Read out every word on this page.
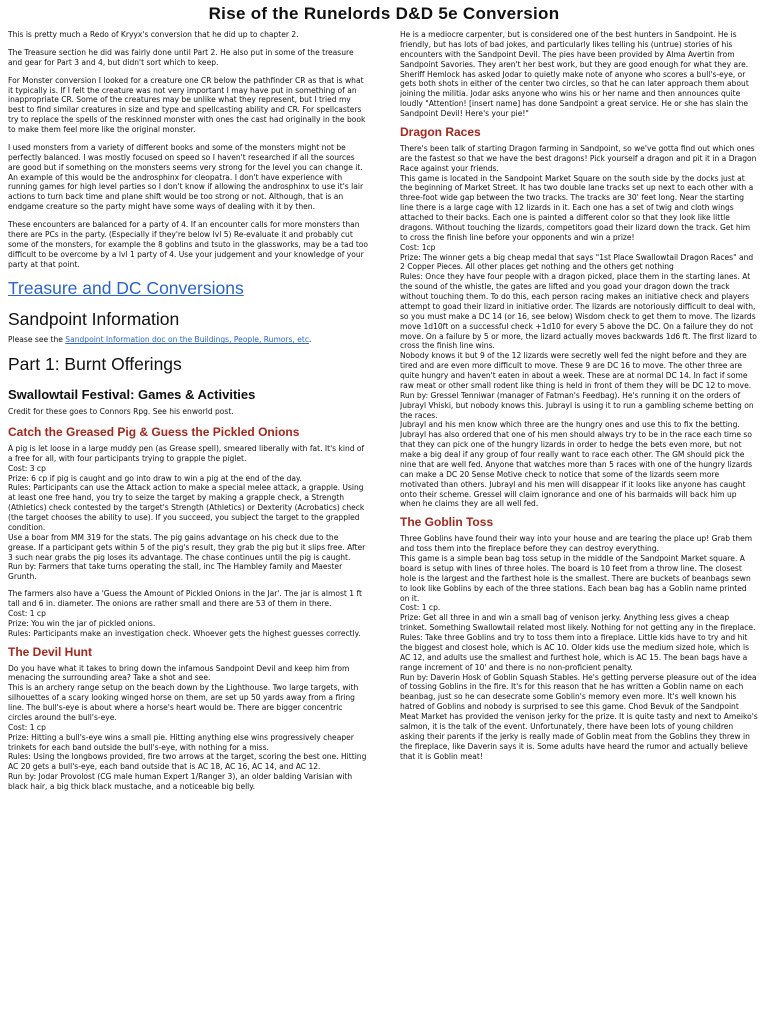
Rise of the Runelords D&D 5e Conversion

This is pretty much a Redo of Kryyx's conversion that he did up to chapter 2.

The Treasure section he did was fairly done until Part 2. He also put in some of the treasure and gear for Part 3 and 4, but didn't sort which to keep.

For Monster conversion I looked for a creature one CR below the pathfinder CR as that is what it typically is. If I felt the creature was not very important I may have put in something of an inappropriate CR. Some of the creatures may be unlike what they represent, but I tried my best to find similar creatures in size and type and spellcasting ability and CR. For spellcasters try to replace the spells of the reskinned monster with ones the cast had originally in the book to make them feel more like the original monster.

I used monsters from a variety of different books and some of the monsters might not be perfectly balanced. I was mostly focused on speed so I haven't researched if all the sources are good but if something on the monsters seems very strong for the level you can change it. An example of this would be the androsphinx for cleopatra. I don't have experience with running games for high level parties so I don't know if allowing the androsphinx to use it's lair actions to turn back time and plane shift would be too strong or not. Although, that is an endgame creature so the party might have some ways of dealing with it by then.

These encounters are balanced for a party of 4. If an encounter calls for more monsters than there are PCs in the party. (Especially if they're below lvl 5) Re-evaluate it and probably cut some of the monsters, for example the 8 goblins and tsuto in the glassworks, may be a tad too difficult to be overcome by a lvl 1 party of 4. Use your judgement and your knowledge of your party at that point.

Treasure and DC Conversions
Sandpoint Information

Please see the Sandpoint Information doc on the Buildings, People, Rumors, etc.

Part 1: Burnt Offerings
Swallowtail Festival: Games & Activities

Credit for these goes to Connors Rpg. See his enworld post.

Catch the Greased Pig & Guess the Pickled Onions

A pig is let loose in a large muddy pen (as Grease spell), smeared liberally with fat. It's kind of a free for all, with four participants trying to grapple the piglet.

Cost: 3 cp

Prize: 6 cp if pig is caught and go into draw to win a pig at the end of the day.

Rules: Participants can use the Attack action to make a special melee attack, a grapple. Using at least one free hand, you try to seize the target by making a grapple check, a Strength (Athletics) check contested by the target's Strength (Athletics) or Dexterity (Acrobatics) check (the target chooses the ability to use). If you succeed, you subject the target to the grappled condition.

Use a boar from MM 319 for the stats. The pig gains advantage on his check due to the grease. If a participant gets within 5 of the pig's result, they grab the pig but it slips free. After 3 such near grabs the pig loses its advantage. The chase continues until the pig is caught.

Run by: Farmers that take turns operating the stall, inc The Hambley family and Maester Grunth.

The farmers also have a 'Guess the Amount of Pickled Onions in the Jar'. The jar is almost 1 ft tall and 6 in. diameter. The onions are rather small and there are 53 of them in there.

Cost: 1 cp

Prize: You win the jar of pickled onions.

Rules: Participants make an investigation check. Whoever gets the highest guesses correctly.

The Devil Hunt

Do you have what it takes to bring down the infamous Sandpoint Devil and keep him from menacing the surrounding area? Take a shot and see.

This is an archery range setup on the beach down by the Lighthouse. Two large targets, with silhouettes of a scary looking winged horse on them, are set up 50 yards away from a firing line. The bull's-eye is about where a horse's heart would be. There are bigger concentric circles around the bull's-eye.

Cost: 1 cp

Prize: Hitting a bull's-eye wins a small pie. Hitting anything else wins progressively cheaper trinkets for each band outside the bull's-eye, with nothing for a miss.

Rules: Using the longbows provided, fire two arrows at the target, scoring the best one. Hitting AC 20 gets a bull's-eye, each band outside that is AC 18, AC 16, AC 14, and AC 12.

Run by: Jodar Provolost (CG male human Expert 1/Ranger 3), an older balding Varisian with black hair, a big thick black mustache, and a noticeable big belly.

He is a mediocre carpenter, but is considered one of the best hunters in Sandpoint. He is friendly, but has lots of bad jokes, and particularly likes telling his (untrue) stories of his encounters with the Sandpoint Devil. The pies have been provided by Alma Avertin from Sandpoint Savories. They aren't her best work, but they are good enough for what they are.

Sheriff Hemlock has asked Jodar to quietly make note of anyone who scores a bull's-eye, or gets both shots in either of the center two circles, so that he can later approach them about joining the militia. Jodar asks anyone who wins his or her name and then announces quite loudly "Attention! [insert name] has done Sandpoint a great service. He or she has slain the Sandpoint Devil! Here's your pie!"

Dragon Races

There's been talk of starting Dragon farming in Sandpoint, so we've gotta find out which ones are the fastest so that we have the best dragons! Pick yourself a dragon and pit it in a Dragon Race against your friends.

This game is located in the Sandpoint Market Square on the south side by the docks just at the beginning of Market Street. It has two double lane tracks set up next to each other with a three-foot wide gap between the two tracks. The tracks are 30' feet long. Near the starting line there is a large cage with 12 lizards in it. Each one has a set of twig and cloth wings attached to their backs. Each one is painted a different color so that they look like little dragons. Without touching the lizards, competitors goad their lizard down the track. Get him to cross the finish line before your opponents and win a prize!

Cost: 1cp

Prize: The winner gets a big cheap medal that says "1st Place Swallowtail Dragon Races" and 2 Copper Pieces. All other places get nothing and the others get nothing

Rules: Once they have four people with a dragon picked, place them in the starting lanes. At the sound of the whistle, the gates are lifted and you goad your dragon down the track without touching them. To do this, each person racing makes an initiative check and players attempt to goad their lizard in initiative order. The lizards are notoriously difficult to deal with, so you must make a DC 14 (or 16, see below) Wisdom check to get them to move. The lizards move 1d10ft on a successful check +1d10 for every 5 above the DC. On a failure they do not move. On a failure by 5 or more, the lizard actually moves backwards 1d6 ft. The first lizard to cross the finish line wins.

Nobody knows it but 9 of the 12 lizards were secretly well fed the night before and they are tired and are even more difficult to move. These 9 are DC 16 to move. The other three are quite hungry and haven't eaten in about a week. These are at normal DC 14. In fact if some raw meat or other small rodent like thing is held in front of them they will be DC 12 to move.

Run by: Gressel Tenniwar (manager of Fatman's Feedbag). He's running it on the orders of Jubrayl Vhiski, but nobody knows this. Jubrayl is using it to run a gambling scheme betting on the races.

Jubrayl and his men know which three are the hungry ones and use this to fix the betting. Jubrayl has also ordered that one of his men should always try to be in the race each time so that they can pick one of the hungry lizards in order to hedge the bets even more, but not make a big deal if any group of four really want to race each other. The GM should pick the nine that are well fed. Anyone that watches more than 5 races with one of the hungry lizards can make a DC 20 Sense Motive check to notice that some of the lizards seem more motivated than others. Jubrayl and his men will disappear if it looks like anyone has caught onto their scheme. Gressel will claim ignorance and one of his barmaids will back him up when he claims they are all well fed.

The Goblin Toss

Three Goblins have found their way into your house and are tearing the place up! Grab them and toss them into the fireplace before they can destroy everything.

This game is a simple bean bag toss setup in the middle of the Sandpoint Market square. A board is setup with lines of three holes. The board is 10 feet from a throw line. The closest hole is the largest and the farthest hole is the smallest. There are buckets of beanbags sewn to look like Goblins by each of the three stations. Each bean bag has a Goblin name printed on it.

Cost: 1 cp.

Prize: Get all three in and win a small bag of venison jerky. Anything less gives a cheap trinket. Something Swallowtail related most likely. Nothing for not getting any in the fireplace.

Rules: Take three Goblins and try to toss them into a fireplace. Little kids have to try and hit the biggest and closest hole, which is AC 10. Older kids use the medium sized hole, which is AC 12, and adults use the smallest and furthest hole, which is AC 15. The bean bags have a range increment of 10' and there is no non-proficient penalty.

Run by: Daverin Hosk of Goblin Squash Stables. He's getting perverse pleasure out of the idea of tossing Goblins in the fire. It's for this reason that he has written a Goblin name on each beanbag, just so he can desecrate some Goblin's memory even more. It's well known his hatred of Goblins and nobody is surprised to see this game. Chod Bevuk of the Sandpoint Meat Market has provided the venison jerky for the prize. It is quite tasty and next to Ameiko's salmon, it is the talk of the event. Unfortunately, there have been lots of young children asking their parents if the jerky is really made of Goblin meat from the Goblins they threw in the fireplace, like Daverin says it is. Some adults have heard the rumor and actually believe that it is Goblin meat!
